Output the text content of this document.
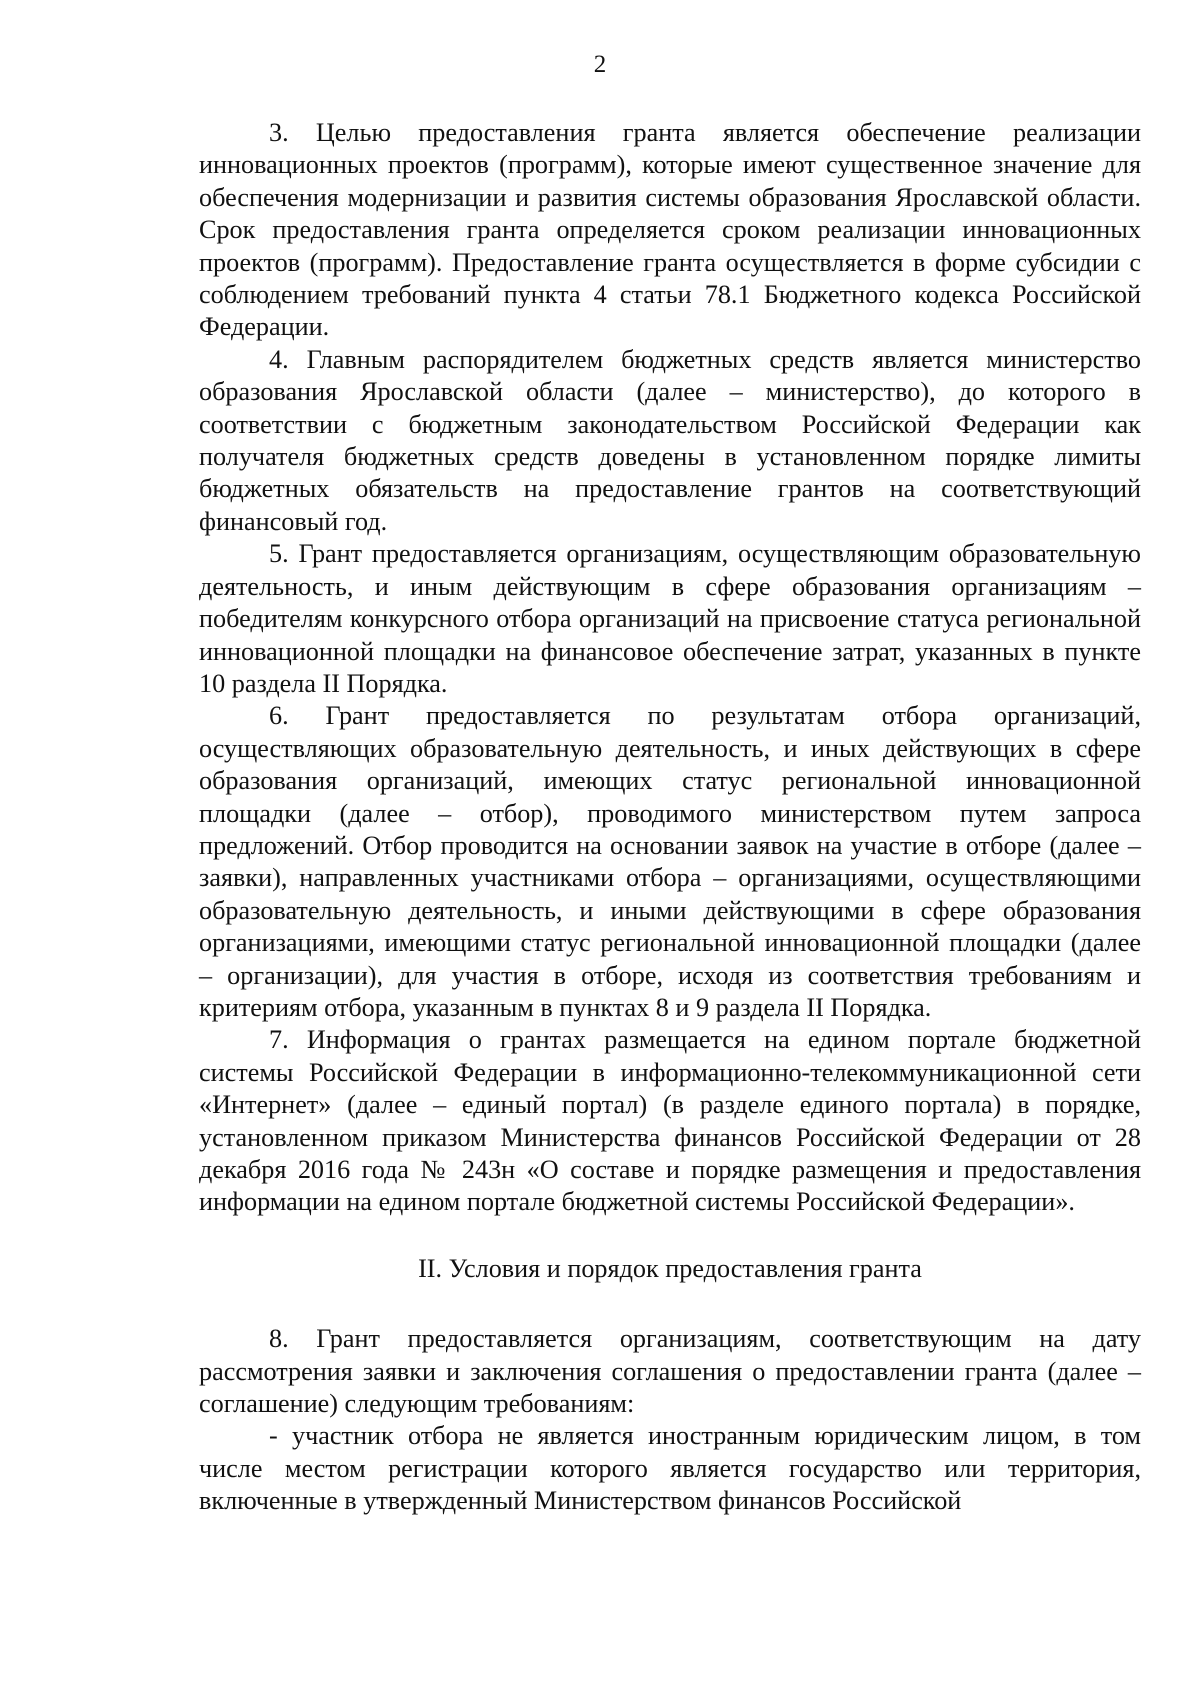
2

3. Целью предоставления гранта является обеспечение реализации инновационных проектов (программ), которые имеют существенное значение для обеспечения модернизации и развития системы образования Ярославской области. Срок предоставления гранта определяется сроком реализации инновационных проектов (программ). Предоставление гранта осуществляется в форме субсидии с соблюдением требований пункта 4 статьи 78.1 Бюджетного кодекса Российской Федерации.

4. Главным распорядителем бюджетных средств является министерство образования Ярославской области (далее – министерство), до которого в соответствии с бюджетным законодательством Российской Федерации как получателя бюджетных средств доведены в установленном порядке лимиты бюджетных обязательств на предоставление грантов на соответствующий финансовый год.

5. Грант предоставляется организациям, осуществляющим образовательную деятельность, и иным действующим в сфере образования организациям – победителям конкурсного отбора организаций на присвоение статуса региональной инновационной площадки на финансовое обеспечение затрат, указанных в пункте 10 раздела II Порядка.

6. Грант предоставляется по результатам отбора организаций, осуществляющих образовательную деятельность, и иных действующих в сфере образования организаций, имеющих статус региональной инновационной площадки (далее – отбор), проводимого министерством путем запроса предложений. Отбор проводится на основании заявок на участие в отборе (далее – заявки), направленных участниками отбора – организациями, осуществляющими образовательную деятельность, и иными действующими в сфере образования организациями, имеющими статус региональной инновационной площадки (далее – организации), для участия в отборе, исходя из соответствия требованиям и критериям отбора, указанным в пунктах 8 и 9 раздела II Порядка.

7. Информация о грантах размещается на едином портале бюджетной системы Российской Федерации в информационно-телекоммуникационной сети «Интернет» (далее – единый портал) (в разделе единого портала) в порядке, установленном приказом Министерства финансов Российской Федерации от 28 декабря 2016 года № 243н «О составе и порядке размещения и предоставления информации на едином портале бюджетной системы Российской Федерации».

II. Условия и порядок предоставления гранта

8. Грант предоставляется организациям, соответствующим на дату рассмотрения заявки и заключения соглашения о предоставлении гранта (далее – соглашение) следующим требованиям:

- участник отбора не является иностранным юридическим лицом, в том числе местом регистрации которого является государство или территория, включенные в утвержденный Министерством финансов Российской
